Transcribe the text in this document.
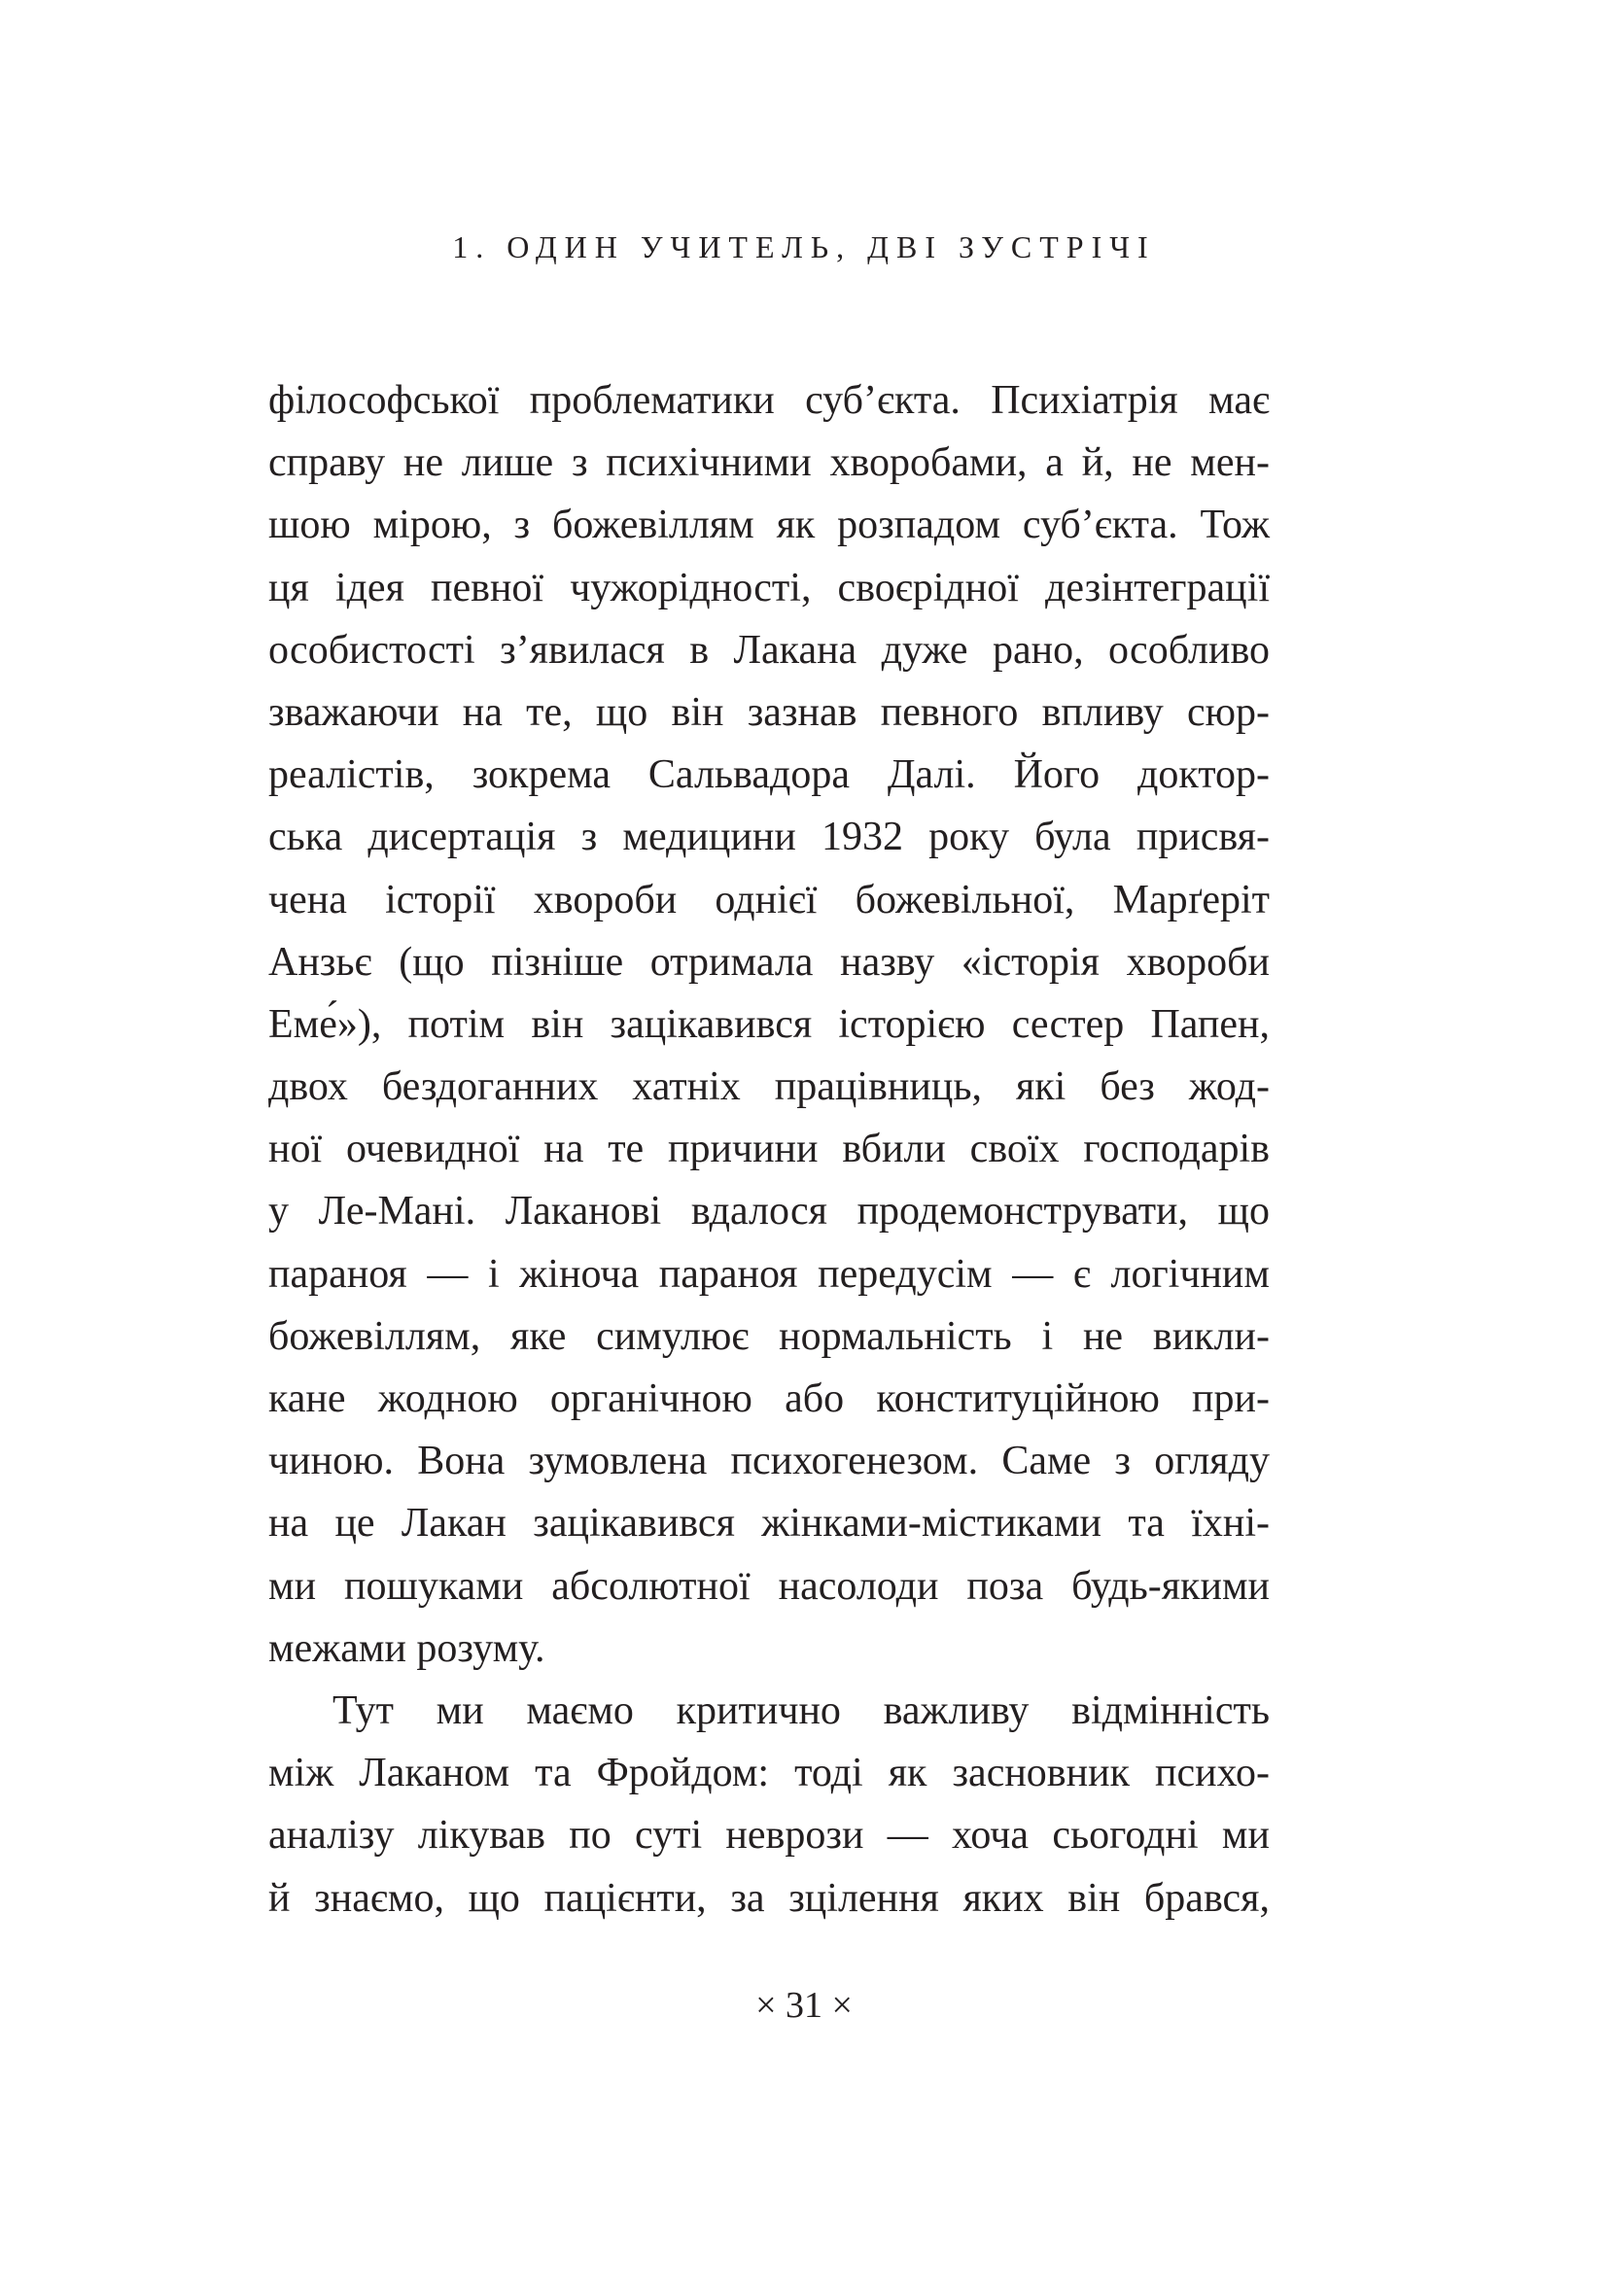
1. ОДИН УЧИТЕЛЬ, ДВІ ЗУСТРІЧІ
філософської проблематики суб’єкта. Психіатрія має
справу не лише з психічними хворобами, а й, не мен-
шою мірою, з божевіллям як розпадом суб’єкта. Тож
ця ідея певної чужорідності, своєрідної дезінтеграції
особистості з’явилася в Лакана дуже рано, особливо
зважаючи на те, що він зазнав певного впливу сюр-
реалістів, зокрема Сальвадора Далі. Його доктор-
ська дисертація з медицини 1932 року була присвя-
чена історії хвороби однієї божевільної, Марґеріт
Анзьє (що пізніше отримала назву «історія хвороби
Еме́»), потім він зацікавився історією сестер Папен,
двох бездоганних хатніх працівниць, які без жод-
ної очевидної на те причини вбили своїх господарів
у Ле-Мані. Лаканові вдалося продемонструвати, що
параноя — і жіноча параноя передусім — є логічним
божевіллям, яке симулює нормальність і не викли-
кане жодною органічною або конституційною при-
чиною. Вона зумовлена психогенезом. Саме з огляду
на це Лакан зацікавився жінками-містиками та їхні-
ми пошуками абсолютної насолоди поза будь-якими
межами розуму.
Тут ми маємо критично важливу відмінність
між Лаканом та Фройдом: тоді як засновник психо-
аналізу лікував по суті неврози — хоча сьогодні ми
й знаємо, що пацієнти, за зцілення яких він брався,
× 31 ×
